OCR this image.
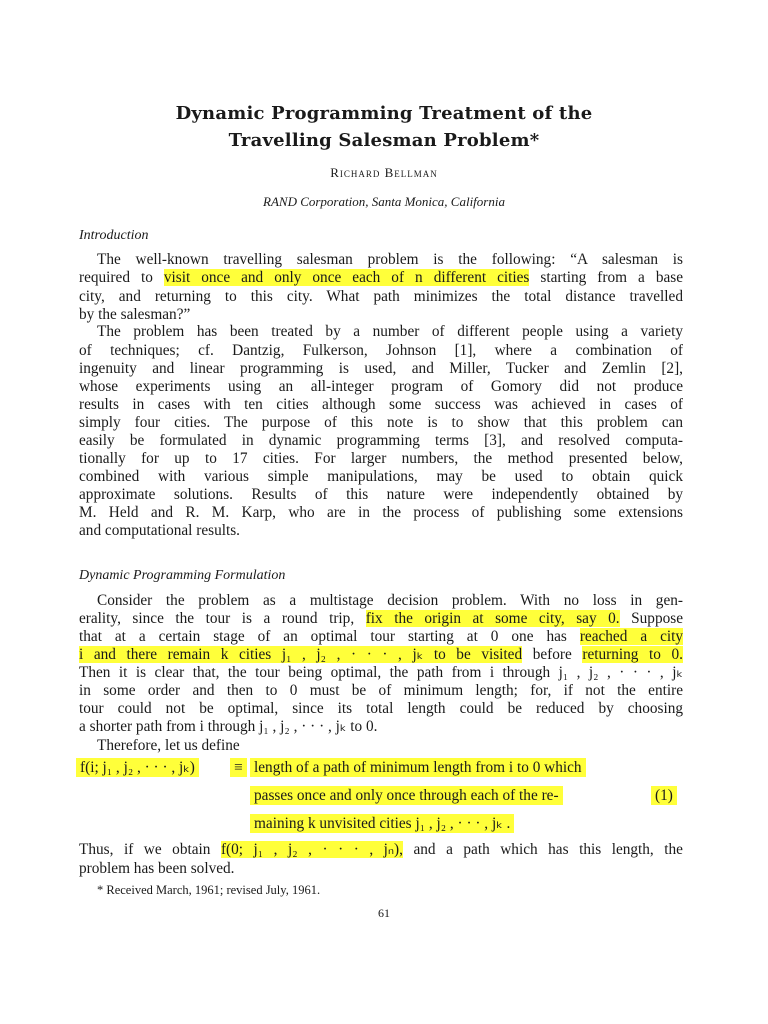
Dynamic Programming Treatment of the
Travelling Salesman Problem*
Richard Bellman
RAND Corporation, Santa Monica, California
Introduction
The well-known travelling salesman problem is the following: “A salesman is
required to visit once and only once each of n different cities starting from a base
city, and returning to this city. What path minimizes the total distance travelled
by the salesman?”
The problem has been treated by a number of different people using a variety
of techniques; cf. Dantzig, Fulkerson, Johnson [1], where a combination of
ingenuity and linear programming is used, and Miller, Tucker and Zemlin [2],
whose experiments using an all-integer program of Gomory did not produce
results in cases with ten cities although some success was achieved in cases of
simply four cities. The purpose of this note is to show that this problem can
easily be formulated in dynamic programming terms [3], and resolved computa-
tionally for up to 17 cities. For larger numbers, the method presented below,
combined with various simple manipulations, may be used to obtain quick
approximate solutions. Results of this nature were independently obtained by
M. Held and R. M. Karp, who are in the process of publishing some extensions
and computational results.
Dynamic Programming Formulation
Consider the problem as a multistage decision problem. With no loss in gen-
erality, since the tour is a round trip, fix the origin at some city, say 0. Suppose
that at a certain stage of an optimal tour starting at 0 one has reached a city
i and there remain k cities j₁ , j₂ , · · · , jₖ to be visited before returning to 0.
Then it is clear that, the tour being optimal, the path from i through j₁ , j₂ , · · · , jₖ
in some order and then to 0 must be of minimum length; for, if not the entire
tour could not be optimal, since its total length could be reduced by choosing
a shorter path from i through j₁ , j₂ , · · · , jₖ to 0.
Therefore, let us define
f(i; j₁ , j₂ , · · · , jₖ)	≡ length of a path of minimum length from i to 0 which
passes once and only once through each of the re-	(1)
maining k unvisited cities j₁ , j₂ , · · · , jₖ .
Thus, if we obtain f(0; j₁ , j₂ , · · · , jₙ), and a path which has this length, the
problem has been solved.
* Received March, 1961; revised July, 1961.
61
